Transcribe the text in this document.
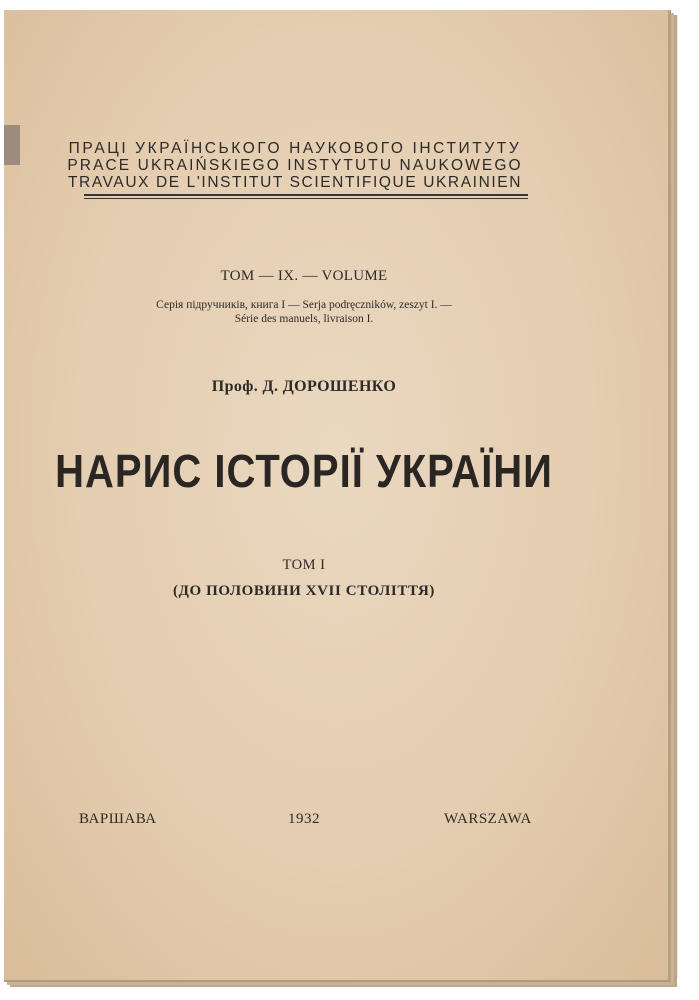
ПРАЦІ УКРАЇНСЬКОГО НАУКОВОГО ІНСТИТУТУ
PRACE UKRAIŃSKIEGO INSTYTUTU NAUKOWEGO
TRAVAUX DE L'INSTITUT SCIENTIFIQUE UKRAINIEN
ТОМ — IX. — VOLUME
Серія підручників, книга I — Serja podręczników, zeszyt I. —
Série des manuels, livraison I.
Проф. Д. ДОРОШЕНКО
НАРИС ІСТОРІЇ УКРАЇНИ
ТОМ I
(ДО ПОЛОВИНИ XVII СТОЛІТТЯ)
ВАРШАВА	1932	WARSZAWA
